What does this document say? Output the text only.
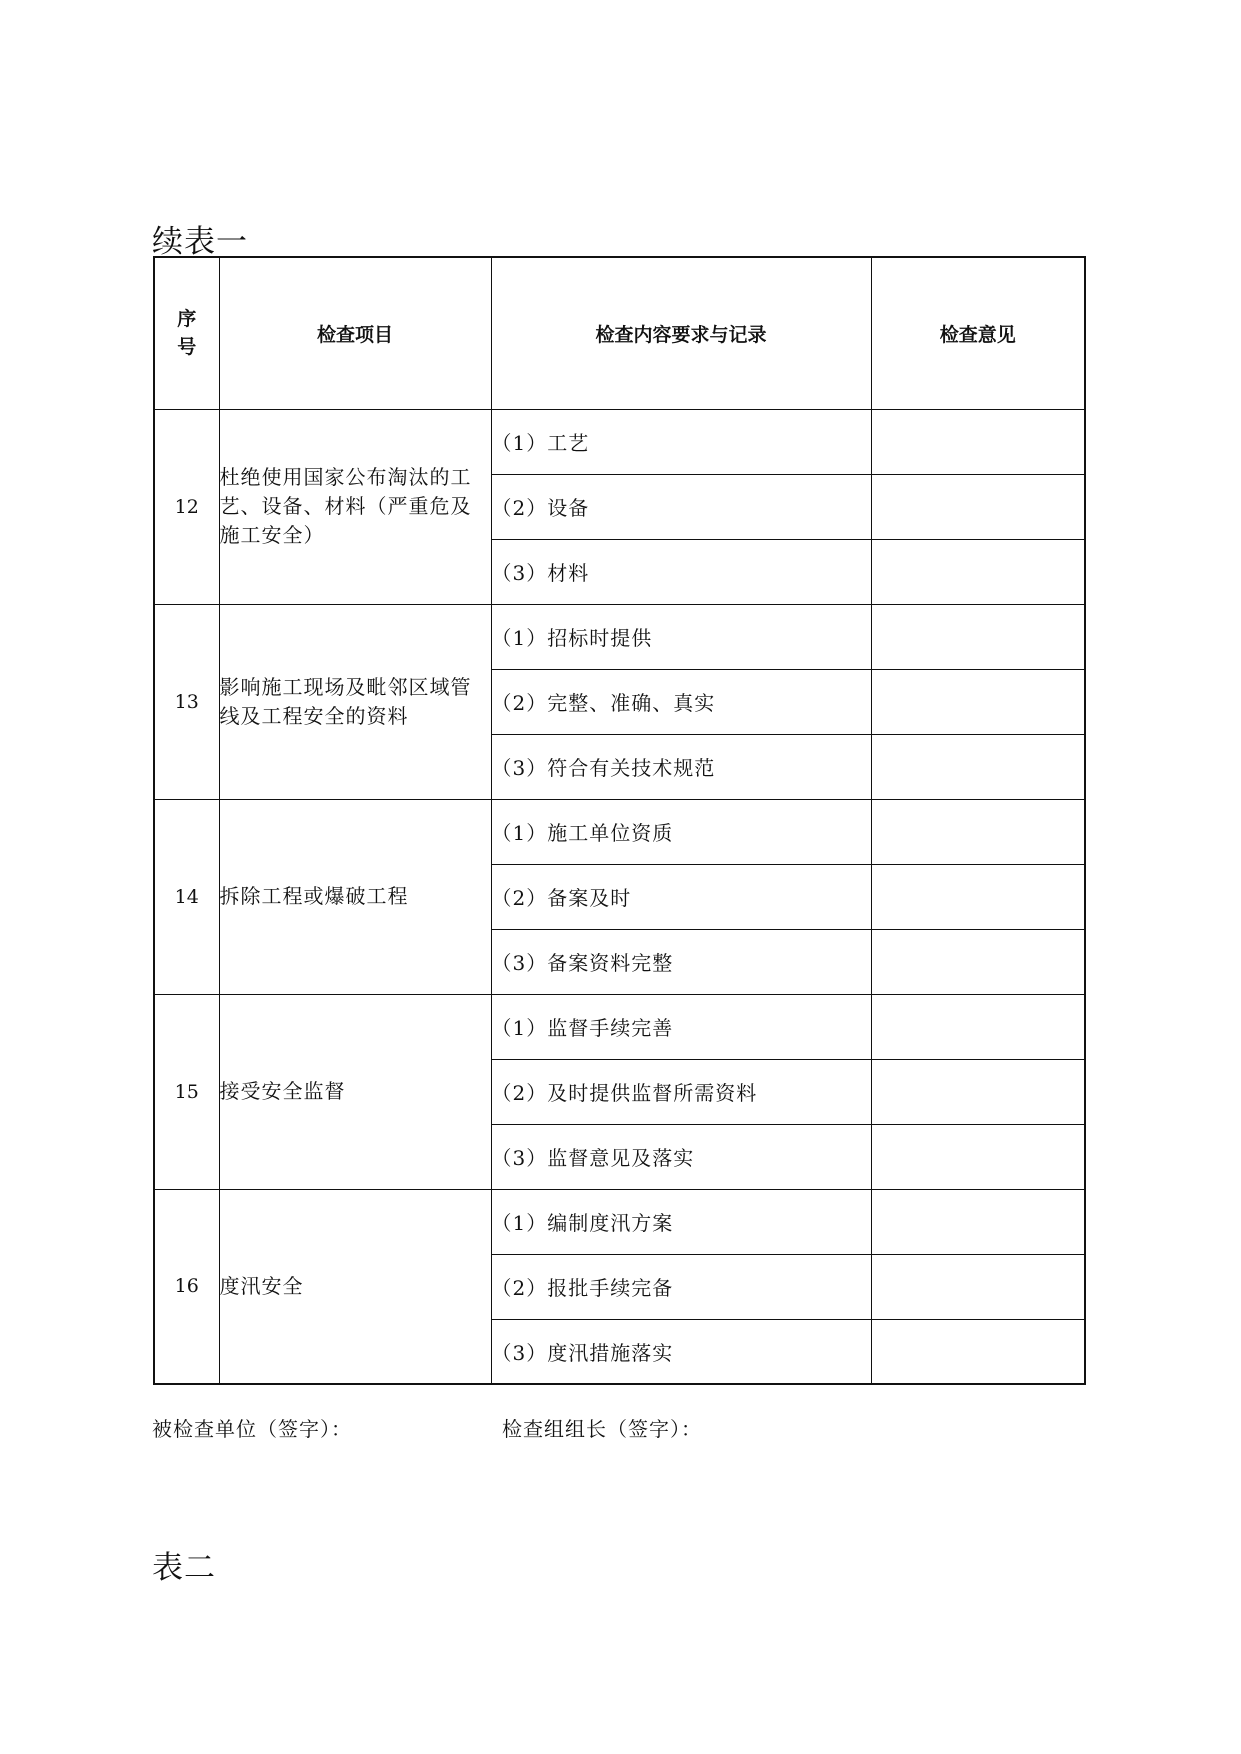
续表一
序
号	检查项目	检查内容要求与记录	检查意见
12	杜绝使用国家公布淘汰的工艺、设备、材料（严重危及施工安全）	（1）工艺	
		（2）设备	
		（3）材料	
13	影响施工现场及毗邻区域管线及工程安全的资料	（1）招标时提供	
		（2）完整、准确、真实	
		（3）符合有关技术规范	
14	拆除工程或爆破工程	（1）施工单位资质	
		（2）备案及时	
		（3）备案资料完整	
15	接受安全监督	（1）监督手续完善	
		（2）及时提供监督所需资料	
		（3）监督意见及落实	
16	度汛安全	（1）编制度汛方案	
		（2）报批手续完备	
		（3）度汛措施落实	

被检查单位（签字）：	检查组组长（签字）：

表二
